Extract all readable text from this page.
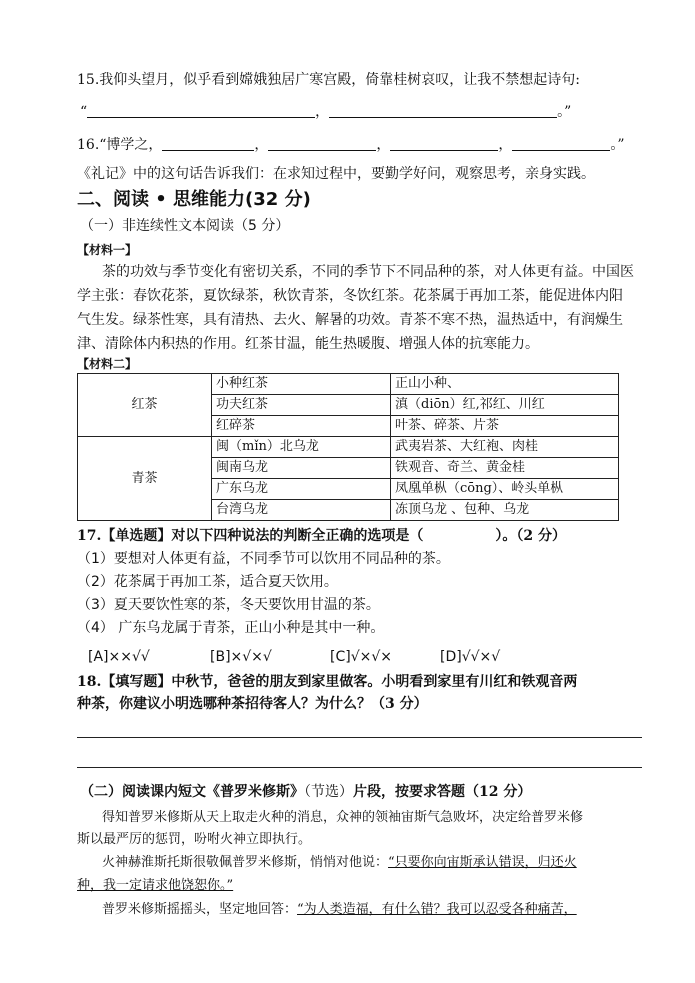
15.我仰头望月，似乎看到嫦娥独居广寒宫殿，倚靠桂树哀叹，让我不禁想起诗句:
“	，	。”
16.“博学之，	，	，	，	。”
《礼记》中的这句话告诉我们：在求知过程中，要勤学好问，观察思考，亲身实践。
二、阅读 • 思维能力(32 分)
（一）非连续性文本阅读（5 分）
【材料一】
茶的功效与季节变化有密切关系，不同的季节下不同品种的茶，对人体更有益。中国医
学主张：春饮花茶，夏饮绿茶，秋饮青茶，冬饮红茶。花茶属于再加工茶，能促进体内阳
气生发。绿茶性寒，具有清热、去火、解暑的功效。青茶不寒不热，温热适中，有润燥生
津、清除体内积热的作用。红茶甘温，能生热暖腹、增强人体的抗寒能力。
【材料二】
红茶	小种红茶	正山小种、
	功夫红茶	滇（diōn）红,祁红、川红
	红碎茶	叶茶、碎茶、片茶
青茶	闽（mǐn）北乌龙	武夷岩茶、大红袍、肉桂
	闽南乌龙	铁观音、奇兰、黄金桂
	广东乌龙	凤凰单枞（cōng）、岭头单枞
	台湾乌龙	冻顶乌龙 、包种、乌龙
17.【单选题】对以下四种说法的判断全正确的选项是（	）。（2 分）
（1）要想对人体更有益，不同季节可以饮用不同品种的茶。
（2）花茶属于再加工茶，适合夏天饮用。
（3）夏天要饮性寒的茶，冬天要饮用甘温的茶。
（4） 广东乌龙属于青茶，正山小种是其中一种。
[A]××√√	[B]×√×√	[C]√×√×	[D]√√×√
18.【填写题】中秋节，爸爸的朋友到家里做客。小明看到家里有川红和铁观音两
种茶，你建议小明选哪种茶招待客人？为什么？（3 分）
（二）阅读课内短文《普罗米修斯》（节选）片段，按要求答题（12 分）
得知普罗米修斯从天上取走火种的消息，众神的领袖宙斯气急败坏，决定给普罗米修
斯以最严厉的惩罚，吩咐火神立即执行。
火神赫淮斯托斯很敬佩普罗米修斯，悄悄对他说：“只要你向宙斯承认错误，归还火
种，我一定请求他饶恕你。”
普罗米修斯摇摇头，坚定地回答：“为人类造福，有什么错？我可以忍受各种痛苦，
